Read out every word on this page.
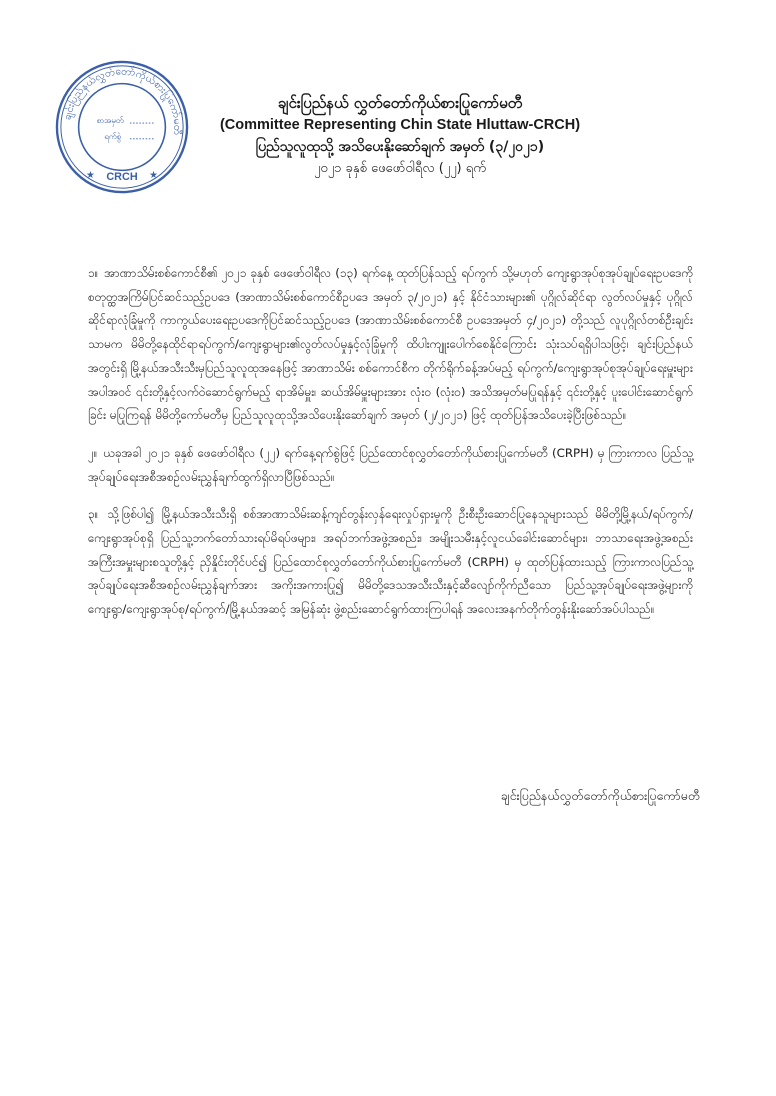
ချင်းပြည်နယ်လွှတ်တော်ကိုယ်စားပြုကော်မတီ
စာအမှတ်
ရက်စွဲ
CRCH
★	★
ချင်းပြည်နယ် လွှတ်တော်ကိုယ်စားပြုကော်မတီ
(Committee Representing Chin State Hluttaw-CRCH)
ပြည်သူလူထုသို့ အသိပေးနိုးဆော်ချက် အမှတ် (၃/၂၀၂၁)
၂၀၂၁ ခုနှစ် ဖေဖော်ဝါရီလ (၂၂) ရက်

၁။ အာဏာသိမ်းစစ်ကောင်စီ၏ ၂၀၂၁ ခုနှစ် ဖေဖော်ဝါရီလ (၁၃) ရက်နေ့ ထုတ်ပြန်သည့် ရပ်ကွက် သို့မဟုတ် ကျေးရွာအုပ်စုအုပ်ချုပ်ရေးဥပဒေကို စတုတ္ထအကြိမ်ပြင်ဆင်သည့်ဥပဒေ (အာဏာသိမ်းစစ်ကောင်စီဥပဒေ အမှတ် ၃/၂၀၂၁) နှင့် နိုင်ငံသားများ၏ ပုဂ္ဂိုလ်ဆိုင်ရာ လွတ်လပ်မှုနှင့် ပုဂ္ဂိုလ်ဆိုင်ရာလုံခြုံမှုကို ကာကွယ်ပေးရေးဥပဒေကိုပြင်ဆင်သည့်ဥပဒေ (အာဏာသိမ်းစစ်ကောင်စီ ဥပဒေအမှတ် ၄/၂၀၂၁) တို့သည် လူပုဂ္ဂိုလ်တစ်ဦးချင်း သာမက မိမိတို့နေထိုင်ရာရပ်ကွက်/ကျေးရွာများ၏လွတ်လပ်မှုနှင့်လုံခြုံမှုကို ထိပါးကျူးပေါက်စေနိုင်ကြောင်း သုံးသပ်ရရှိပါသဖြင့်၊ ချင်းပြည်နယ်အတွင်းရှိ မြို့နယ်အသီးသီးမှပြည်သူလူထုအနေဖြင့် အာဏာသိမ်း စစ်ကောင်စီက တိုက်ရိုက်ခန့်အပ်မည့် ရပ်ကွက်/ကျေးရွာအုပ်စုအုပ်ချုပ်ရေးမှူးများအပါအဝင် ၎င်းတို့နှင့်လက်ဝဲဆောင်ရွက်မည့် ရာအိမ်မှူး၊ ဆယ်အိမ်မှူးများအား လုံးဝ (လုံးဝ) အသိအမှတ်မပြုရန်နှင့် ၎င်းတို့နှင့် ပူးပေါင်းဆောင်ရွက်ခြင်း မပြုကြရန် မိမိတို့ကော်မတီမှ ပြည်သူလူထုသို့အသိပေးနိုးဆော်ချက် အမှတ် (၂/၂၀၂၁) ဖြင့် ထုတ်ပြန်အသိပေးခဲ့ပြီးဖြစ်သည်။

၂။ ယခုအခါ ၂၀၂၁ ခုနှစ် ဖေဖော်ဝါရီလ (၂၂) ရက်နေ့ရက်စွဲဖြင့် ပြည်ထောင်စုလွှတ်တော်ကိုယ်စားပြုကော်မတီ (CRPH) မှ ကြားကာလ ပြည်သူ့အုပ်ချုပ်ရေးအစီအစဉ်လမ်းညွှန်ချက်ထွက်ရှိလာပြီဖြစ်သည်။

၃။ သို့ဖြစ်ပါ၍ မြို့နယ်အသီးသီးရှိ စစ်အာဏာသိမ်းဆန့်ကျင်တွန်းလှန်ရေးလှုပ်ရှားမှုကို ဦးစီးဦးဆောင်ပြုနေသူများသည် မိမိတို့မြို့နယ်/ရပ်ကွက်/ကျေးရွာအုပ်စုရှိ ပြည်သူ့ဘက်တော်သားရပ်မိရပ်ဖများ၊ အရပ်ဘက်အဖွဲ့အစည်း၊ အမျိုးသမီးနှင့်လူငယ်ခေါင်းဆောင်များ၊ ဘာသာရေးအဖွဲ့အစည်းအကြီးအမှူးများစသူတို့နှင့် ညှိနှိုင်းတိုင်ပင်၍ ပြည်ထောင်စုလွှတ်တော်ကိုယ်စားပြုကော်မတီ (CRPH) မှ ထုတ်ပြန်ထားသည့် ကြားကာလပြည်သူ့အုပ်ချုပ်ရေးအစီအစဉ်လမ်းညွှန်ချက်အား အကိုးအကားပြု၍ မိမိတို့ဒေသအသီးသီးနှင့်ဆီလျော်ကိုက်ညီသော ပြည်သူ့အုပ်ချုပ်ရေးအဖွဲ့များကို ကျေးရွာ/ကျေးရွာအုပ်စု/ရပ်ကွက်/မြို့နယ်အဆင့် အမြန်ဆုံး ဖွဲ့စည်းဆောင်ရွက်ထားကြပါရန် အလေးအနက်တိုက်တွန်းနိုးဆော်အပ်ပါသည်။

ချင်းပြည်နယ်လွှတ်တော်ကိုယ်စားပြုကော်မတီ
